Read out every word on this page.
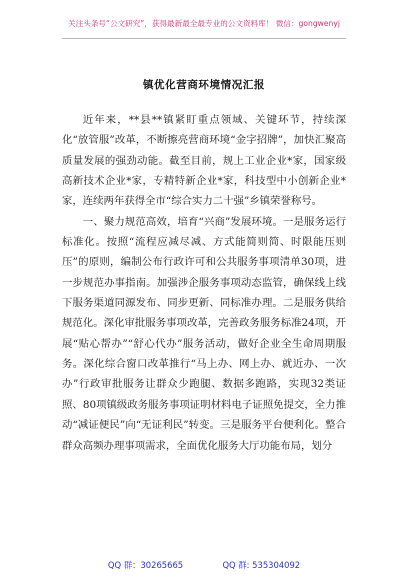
关注头条号“公文研究”，获得最新最全最专业的公文资料库！ 微信：gongwenyj
镇优化营商环境情况汇报

近年来，**县**镇紧盯重点领域、关键环节，持续深化“放管服”改革，不断擦亮营商环境“金字招牌”，加快汇聚高质量发展的强劲动能。截至目前，规上工业企业*家，国家级高新技术企业*家，专精特新企业*家，科技型中小创新企业*家，连续两年获得全市“综合实力二十强”乡镇荣誉称号。

一、聚力规范高效，培育“兴商”发展环境。一是服务运行标准化。按照“流程应减尽减、方式能简则简、时限能压则压”的原则，编制公布行政许可和公共服务事项清单30项，进一步规范办事指南。加强涉企服务事项动态监管，确保线上线下服务渠道同源发布、同步更新、同标准办理。二是服务供给规范化。深化审批服务事项改革，完善政务服务标准24项，开展“贴心帮办”“舒心代办”服务活动，做好企业全生命周期服务。深化综合窗口改革推行“马上办、网上办、就近办、一次办”行政审批服务让群众少跑腿、数据多跑路，实现32类证照、80项镇级政务服务事项证明材料电子证照免提交，全力推动“减证便民”向“无证利民”转变。三是服务平台便利化。整合群众高频办理事项需求，全面优化服务大厅功能布局，划分

QQ 群：30265665	QQ 群: 535304092
